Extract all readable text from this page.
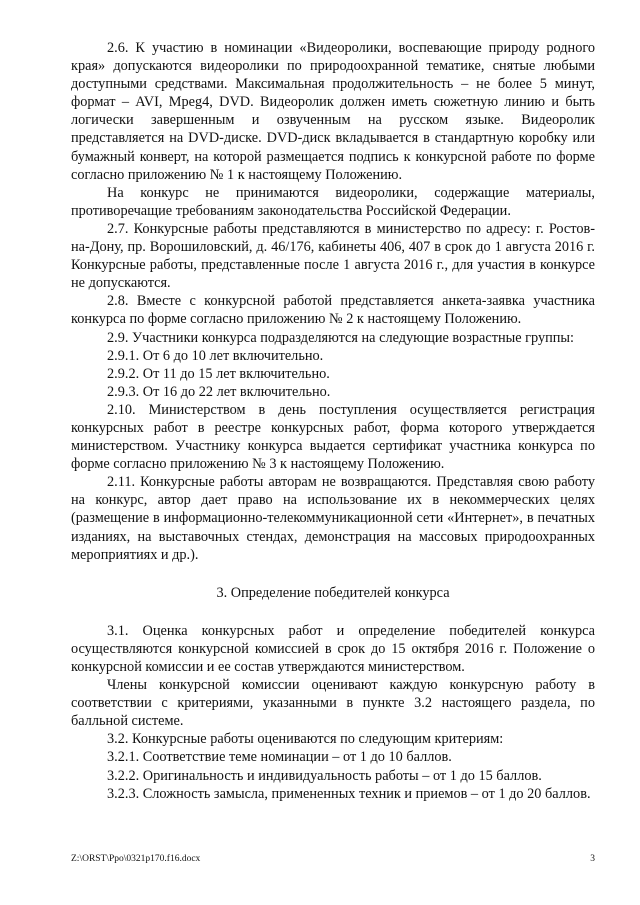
2.6. К участию в номинации «Видеоролики, воспевающие природу родного края» допускаются видеоролики по природоохранной тематике, снятые любыми доступными средствами. Максимальная продолжительность – не более 5 минут, формат – AVI, Mpeg4, DVD. Видеоролик должен иметь сюжетную линию и быть логически завершенным и озвученным на русском языке. Видеоролик представляется на DVD-диске. DVD-диск вкладывается в стандартную коробку или бумажный конверт, на которой размещается подпись к конкурсной работе по форме согласно приложению № 1 к настоящему Положению.

На конкурс не принимаются видеоролики, содержащие материалы, противоречащие требованиям законодательства Российской Федерации.

2.7. Конкурсные работы представляются в министерство по адресу: г. Ростов-на-Дону, пр. Ворошиловский, д. 46/176, кабинеты 406, 407 в срок до 1 августа 2016 г. Конкурсные работы, представленные после 1 августа 2016 г., для участия в конкурсе не допускаются.

2.8. Вместе с конкурсной работой представляется анкета-заявка участника конкурса по форме согласно приложению № 2 к настоящему Положению.

2.9. Участники конкурса подразделяются на следующие возрастные группы:

2.9.1. От 6 до 10 лет включительно.

2.9.2. От 11 до 15 лет включительно.

2.9.3. От 16 до 22 лет включительно.

2.10. Министерством в день поступления осуществляется регистрация конкурсных работ в реестре конкурсных работ, форма которого утверждается министерством. Участнику конкурса выдается сертификат участника конкурса по форме согласно приложению № 3 к настоящему Положению.

2.11. Конкурсные работы авторам не возвращаются. Представляя свою работу на конкурс, автор дает право на использование их в некоммерческих целях (размещение в информационно-телекоммуникационной сети «Интернет», в печатных изданиях, на выставочных стендах, демонстрация на массовых природоохранных мероприятиях и др.).

3. Определение победителей конкурса

3.1. Оценка конкурсных работ и определение победителей конкурса осуществляются конкурсной комиссией в срок до 15 октября 2016 г. Положение о конкурсной комиссии и ее состав утверждаются министерством.

Члены конкурсной комиссии оценивают каждую конкурсную работу в соответствии с критериями, указанными в пункте 3.2 настоящего раздела, по балльной системе.

3.2. Конкурсные работы оцениваются по следующим критериям:

3.2.1. Соответствие теме номинации – от 1 до 10 баллов.

3.2.2. Оригинальность и индивидуальность работы – от 1 до 15 баллов.

3.2.3. Сложность замысла, примененных техник и приемов – от 1 до 20 баллов.

Z:\ORST\Ppo\0321p170.f16.docx	3
